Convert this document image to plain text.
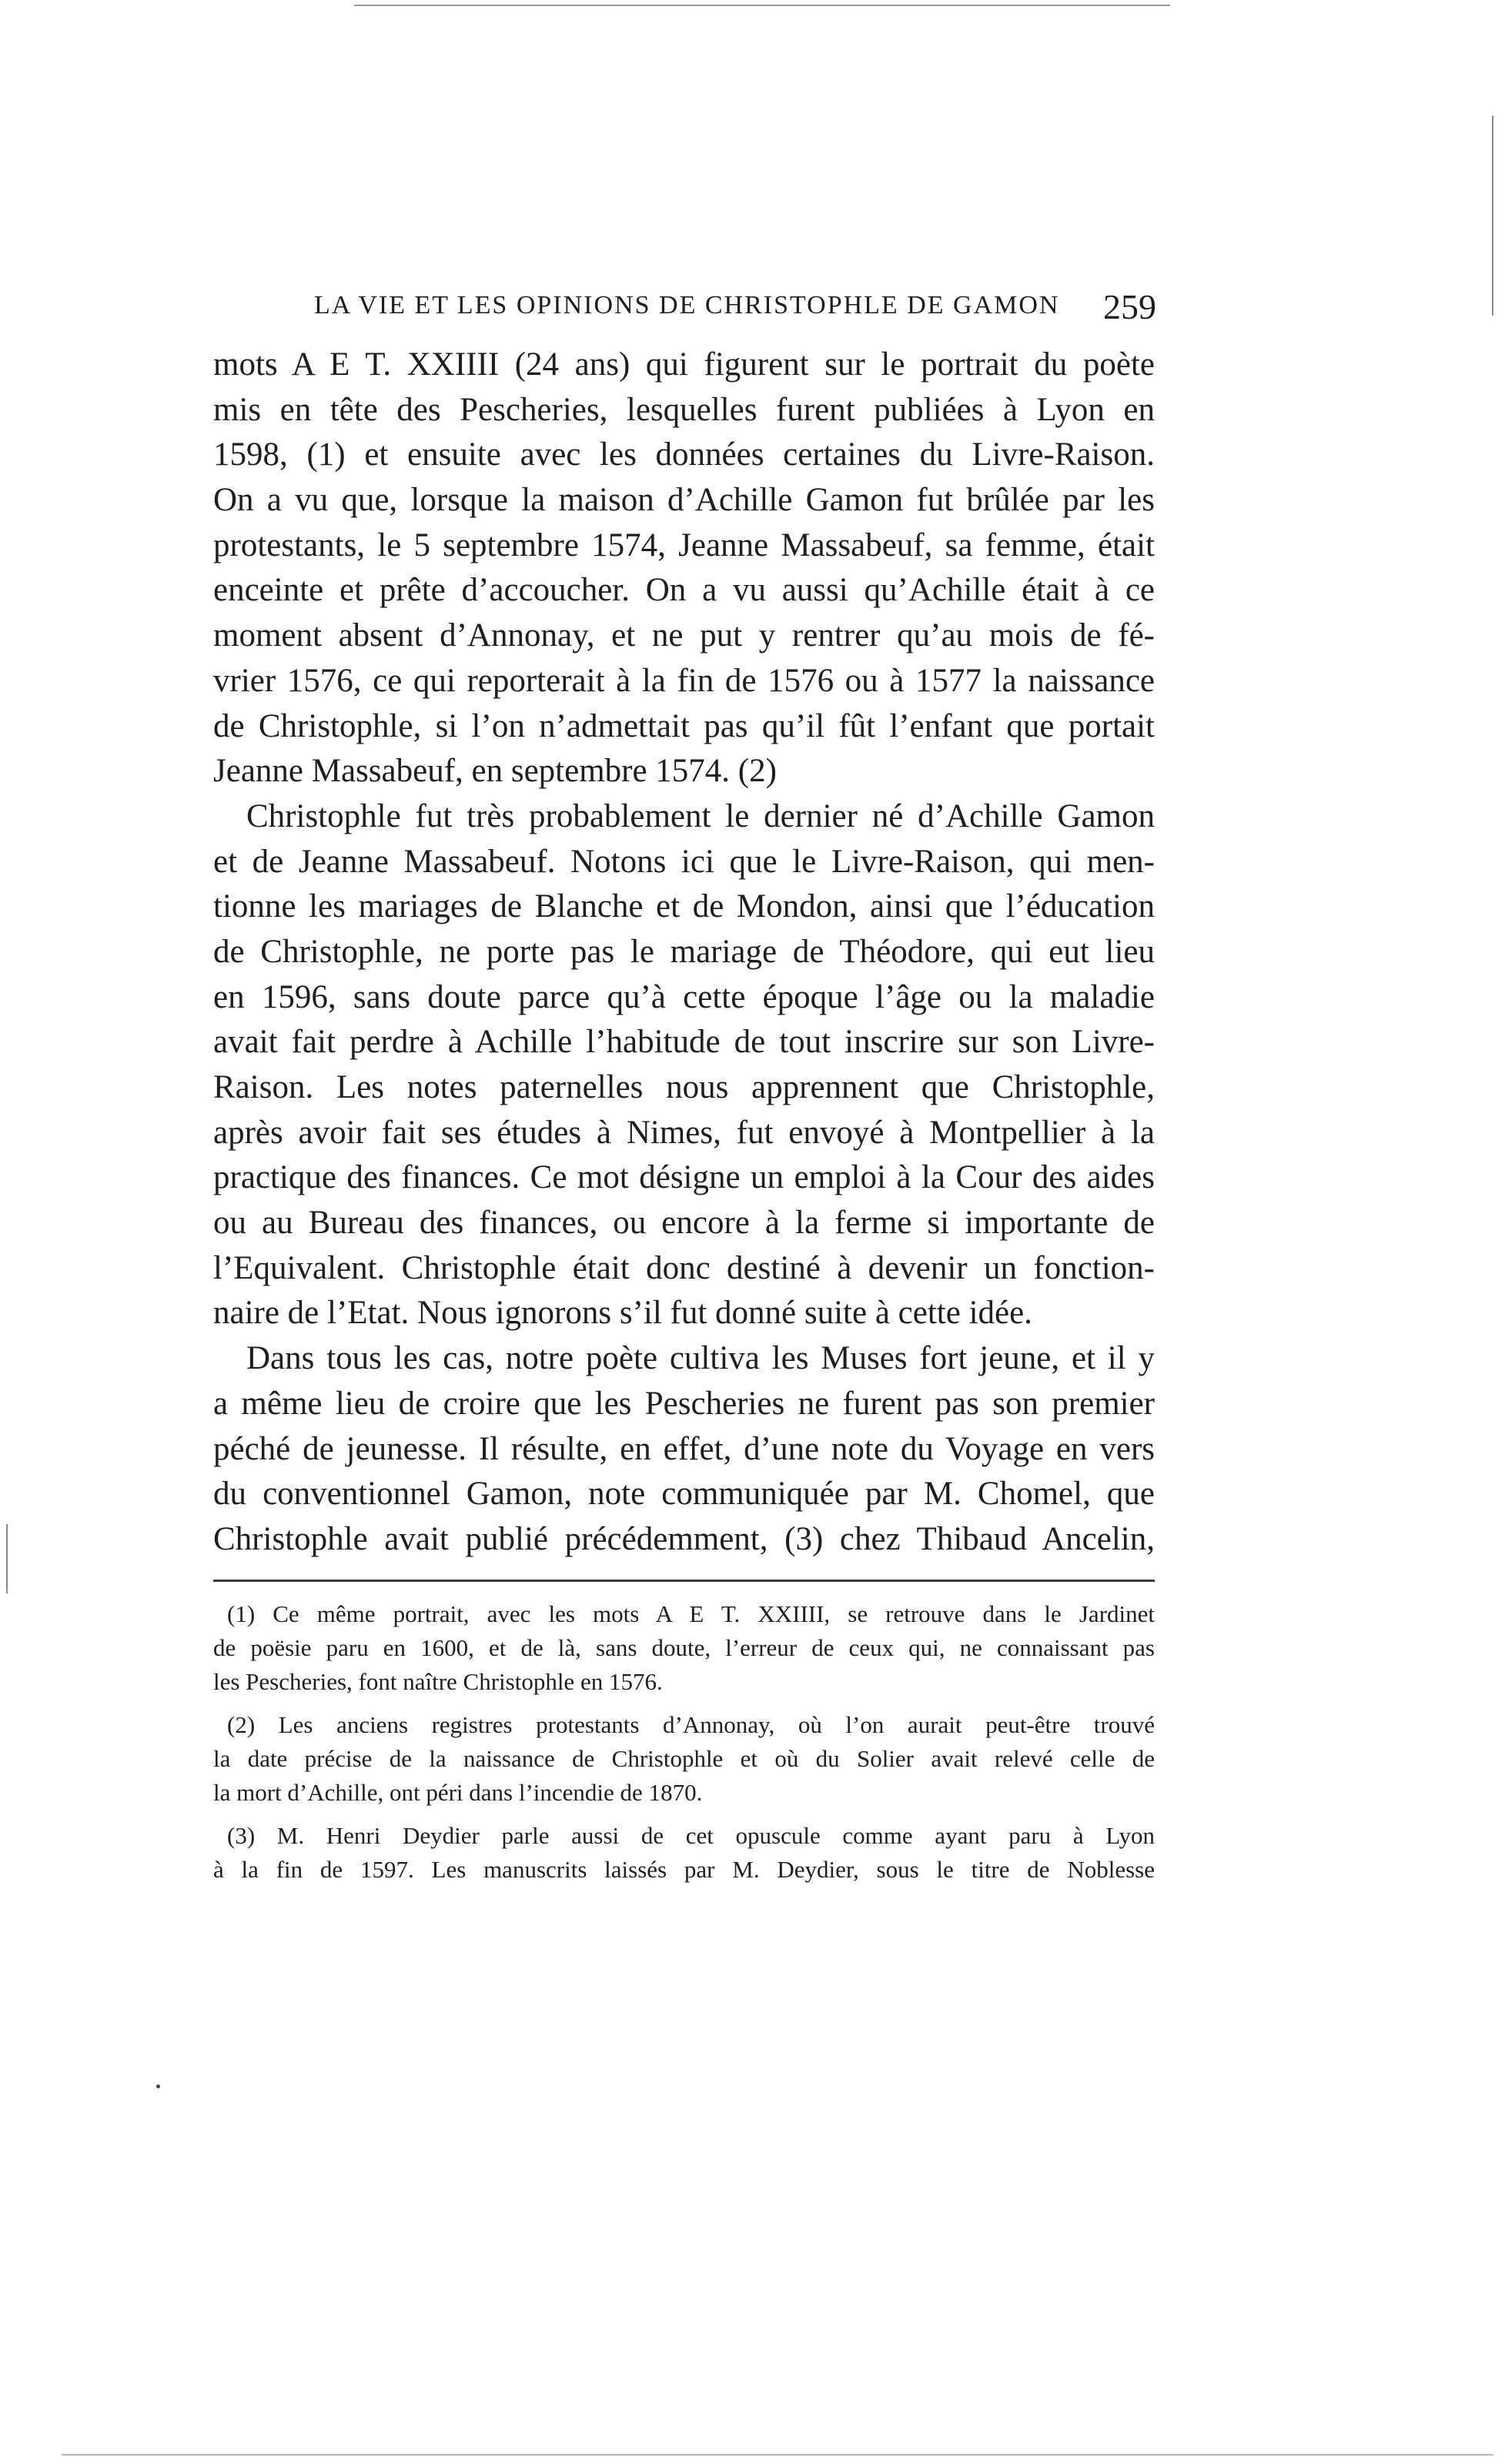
LA VIE ET LES OPINIONS DE CHRISTOPHLE DE GAMON 259
mots A E T. XXIIII (24 ans) qui figurent sur le portrait du poète
mis en tête des Pescheries, lesquelles furent publiées à Lyon en
1598, (1) et ensuite avec les données certaines du Livre-Raison.
On a vu que, lorsque la maison d’Achille Gamon fut brûlée par les
protestants, le 5 septembre 1574, Jeanne Massabeuf, sa femme, était
enceinte et prête d’accoucher. On a vu aussi qu’Achille était à ce
moment absent d’Annonay, et ne put y rentrer qu’au mois de fé-
vrier 1576, ce qui reporterait à la fin de 1576 ou à 1577 la naissance
de Christophle, si l’on n’admettait pas qu’il fût l’enfant que portait
Jeanne Massabeuf, en septembre 1574. (2)
Christophle fut très probablement le dernier né d’Achille Gamon
et de Jeanne Massabeuf. Notons ici que le Livre-Raison, qui men-
tionne les mariages de Blanche et de Mondon, ainsi que l’éducation
de Christophle, ne porte pas le mariage de Théodore, qui eut lieu
en 1596, sans doute parce qu’à cette époque l’âge ou la maladie
avait fait perdre à Achille l’habitude de tout inscrire sur son Livre-
Raison. Les notes paternelles nous apprennent que Christophle,
après avoir fait ses études à Nimes, fut envoyé à Montpellier à la
practique des finances. Ce mot désigne un emploi à la Cour des aides
ou au Bureau des finances, ou encore à la ferme si importante de
l’Equivalent. Christophle était donc destiné à devenir un fonction-
naire de l’Etat. Nous ignorons s’il fut donné suite à cette idée.
Dans tous les cas, notre poète cultiva les Muses fort jeune, et il y
a même lieu de croire que les Pescheries ne furent pas son premier
péché de jeunesse. Il résulte, en effet, d’une note du Voyage en vers
du conventionnel Gamon, note communiquée par M. Chomel, que
Christophle avait publié précédemment, (3) chez Thibaud Ancelin,
(1) Ce même portrait, avec les mots A E T. XXIIII, se retrouve dans le Jardinet
de poësie paru en 1600, et de là, sans doute, l’erreur de ceux qui, ne connaissant pas
les Pescheries, font naître Christophle en 1576.
(2) Les anciens registres protestants d’Annonay, où l’on aurait peut-être trouvé
la date précise de la naissance de Christophle et où du Solier avait relevé celle de
la mort d’Achille, ont péri dans l’incendie de 1870.
(3) M. Henri Deydier parle aussi de cet opuscule comme ayant paru à Lyon
à la fin de 1597. Les manuscrits laissés par M. Deydier, sous le titre de Noblesse
